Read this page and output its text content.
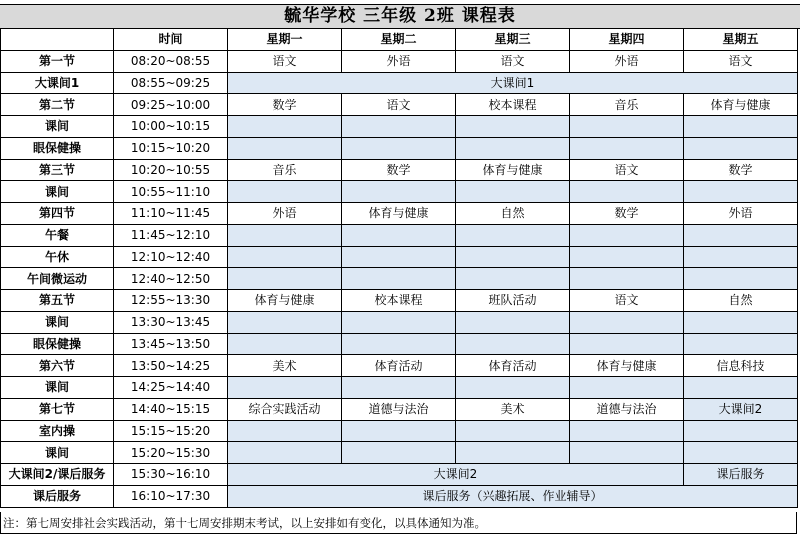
毓华学校 三年级 2班 课程表
	时间	星期一	星期二	星期三	星期四	星期五
第一节	08:20~08:55	语文	外语	语文	外语	语文
大课间1	08:55~09:25	大课间1				
第二节	09:25~10:00	数学	语文	校本课程	音乐	体育与健康
课间	10:00~10:15					
眼保健操	10:15~10:20					
第三节	10:20~10:55	音乐	数学	体育与健康	语文	数学
课间	10:55~11:10					
第四节	11:10~11:45	外语	体育与健康	自然	数学	外语
午餐	11:45~12:10					
午休	12:10~12:40					
午间微运动	12:40~12:50					
第五节	12:55~13:30	体育与健康	校本课程	班队活动	语文	自然
课间	13:30~13:45					
眼保健操	13:45~13:50					
第六节	13:50~14:25	美术	体育活动	体育活动	体育与健康	信息科技
课间	14:25~14:40					
第七节	14:40~15:15	综合实践活动	道德与法治	美术	道德与法治	大课间2
室内操	15:15~15:20					
课间	15:20~15:30					
大课间2/课后服务	15:30~16:10	大课间2				课后服务
课后服务	16:10~17:30	课后服务（兴趣拓展、作业辅导）				
注：第七周安排社会实践活动，第十七周安排期末考试，以上安排如有变化，以具体通知为准。
